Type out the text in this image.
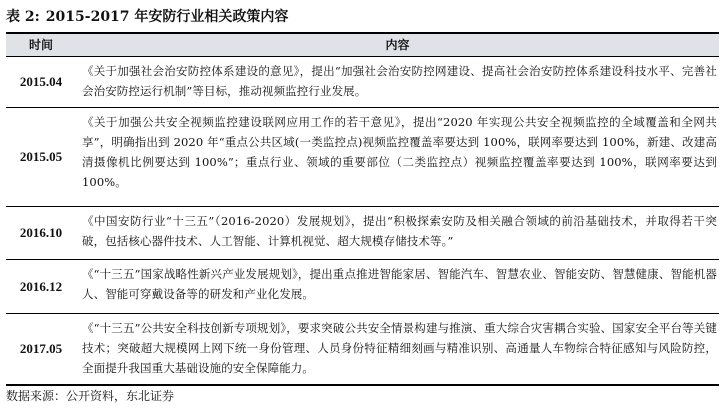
表 2: 2015-2017 年安防行业相关政策内容
时间	内容
2015.04
《关于加强社会治安防控体系建设的意见》，提出“加强社会治安防控网建设、提高社会治安防控体系建设科技水平、完善社会治安防控运行机制”等目标，推动视频监控行业发展。
2015.05
《关于加强公共安全视频监控建设联网应用工作的若干意见》，提出“2020 年实现公共安全视频监控的全域覆盖和全网共享”，明确指出到 2020 年“重点公共区域(一类监控点)视频监控覆盖率要达到 100%，联网率要达到 100%，新建、改建高清摄像机比例要达到 100%”；重点行业、领域的重要部位（二类监控点）视频监控覆盖率要达到 100%，联网率要达到 100%。
2016.10
《中国安防行业“十三五”（2016-2020）发展规划》，提出“积极探索安防及相关融合领域的前沿基础技术，并取得若干突破，包括核心器件技术、人工智能、计算机视觉、超大规模存储技术等。”
2016.12
《“十三五”国家战略性新兴产业发展规划》，提出重点推进智能家居、智能汽车、智慧农业、智能安防、智慧健康、智能机器人、智能可穿戴设备等的研发和产业化发展。
2017.05
《“十三五”公共安全科技创新专项规划》，要求突破公共安全情景构建与推演、重大综合灾害耦合实验、国家安全平台等关键技术；突破超大规模网上网下统一身份管理、人员身份特征精细刻画与精准识别、高通量人车物综合特征感知与风险防控，全面提升我国重大基础设施的安全保障能力。
数据来源：公开资料，东北证券
